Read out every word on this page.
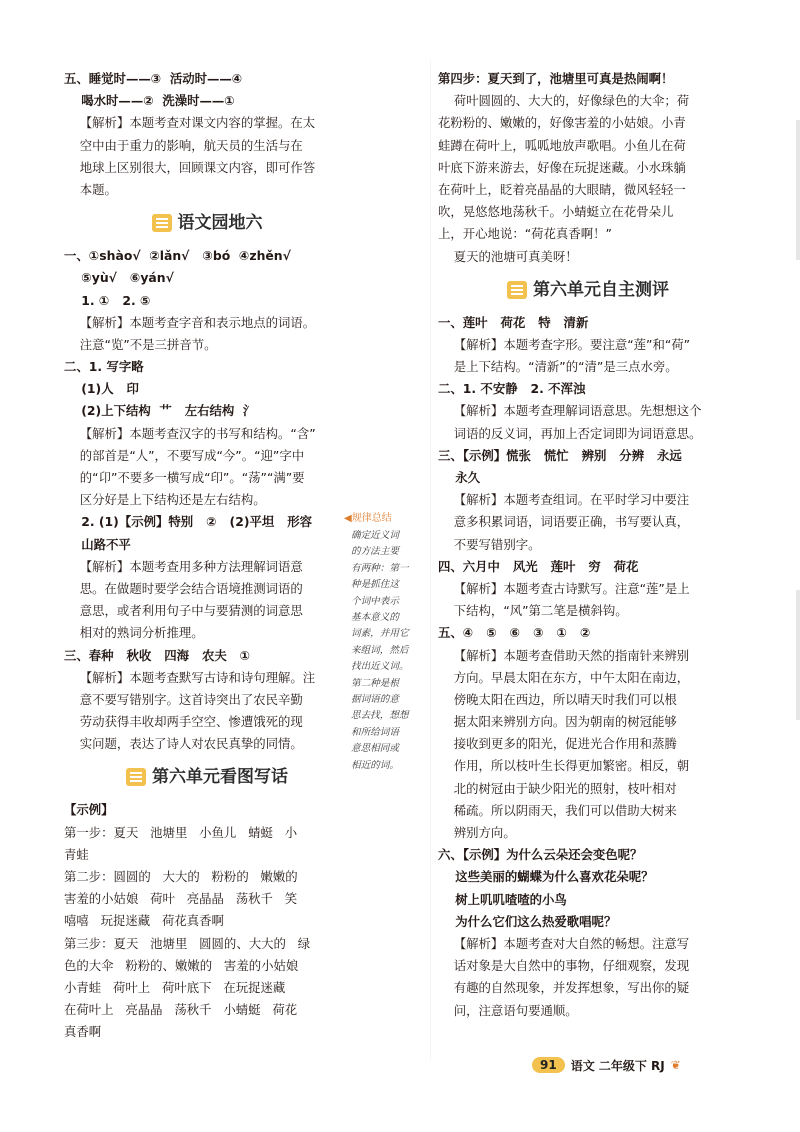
五、睡觉时——③  活动时——④
喝水时——②  洗澡时——①
【解析】本题考查对课文内容的掌握。在太
空中由于重力的影响，航天员的生活与在
地球上区别很大，回顾课文内容，即可作答
本题。
语文园地六
一、①shào√  ②lǎn√   ③bó  ④zhěn√
⑤yù√   ⑥yán√
1. ①   2. ⑤
【解析】本题考查字音和表示地点的词语。
注意“览”不是三拼音节。
二、1. 写字略
(1)人   印
(2)上下结构  艹   左右结构  氵
【解析】本题考查汉字的书写和结构。“含”
的部首是“人”，不要写成“今”。“迎”字中
的“卬”不要多一横写成“印”。“荡”“满”要
区分好是上下结构还是左右结构。
2. (1)【示例】特别   ②   (2)平坦   形容
山路不平
【解析】本题考查用多种方法理解词语意
思。在做题时要学会结合语境推测词语的
意思，或者利用句子中与要猜测的词意思
相对的熟词分析推理。
三、春种   秋收   四海   农夫   ①
【解析】本题考查默写古诗和诗句理解。注
意不要写错别字。这首诗突出了农民辛勤
劳动获得丰收却两手空空、惨遭饿死的现
实问题，表达了诗人对农民真挚的同情。
第六单元看图写话
【示例】
第一步：夏天   池塘里   小鱼儿   蜻蜓   小
青蛙
第二步：圆圆的   大大的   粉粉的   嫩嫩的
害羞的小姑娘   荷叶   亮晶晶   荡秋千   笑
嘻嘻   玩捉迷藏   荷花真香啊
第三步：夏天   池塘里   圆圆的、大大的   绿
色的大伞   粉粉的、嫩嫩的   害羞的小姑娘
小青蛙   荷叶上   荷叶底下   在玩捉迷藏
在荷叶上   亮晶晶   荡秋千   小蜻蜓   荷花
真香啊
◀规律总结
确定近义词
的方法主要
有两种：第一
种是抓住这
个词中表示
基本意义的
词素，并用它
来组词，然后
找出近义词。
第二种是根
据词语的意
思去找，想想
和所给词语
意思相同或
相近的词。
第四步：夏天到了，池塘里可真是热闹啊！
荷叶圆圆的、大大的，好像绿色的大伞；荷
花粉粉的、嫩嫩的，好像害羞的小姑娘。小青
蛙蹲在荷叶上，呱呱地放声歌唱。小鱼儿在荷
叶底下游来游去，好像在玩捉迷藏。小水珠躺
在荷叶上，眨着亮晶晶的大眼睛，微风轻轻一
吹，晃悠悠地荡秋千。小蜻蜓立在花骨朵儿
上，开心地说：“荷花真香啊！”
夏天的池塘可真美呀！
第六单元自主测评
一、莲叶   荷花   特   清新
【解析】本题考查字形。要注意“莲”和“荷”
是上下结构。“清新”的“清”是三点水旁。
二、1. 不安静   2. 不浑浊
【解析】本题考查理解词语意思。先想想这个
词语的反义词，再加上否定词即为词语意思。
三、【示例】慌张   慌忙   辨别   分辨   永远
永久
【解析】本题考查组词。在平时学习中要注
意多积累词语，词语要正确，书写要认真，
不要写错别字。
四、六月中   风光   莲叶   穷   荷花
【解析】本题考查古诗默写。注意“莲”是上
下结构，“风”第二笔是横斜钩。
五、④   ⑤   ⑥   ③   ①   ②
【解析】本题考查借助天然的指南针来辨别
方向。早晨太阳在东方，中午太阳在南边，
傍晚太阳在西边，所以晴天时我们可以根
据太阳来辨别方向。因为朝南的树冠能够
接收到更多的阳光，促进光合作用和蒸腾
作用，所以枝叶生长得更加繁密。相反，朝
北的树冠由于缺少阳光的照射，枝叶相对
稀疏。所以阴雨天，我们可以借助大树来
辨别方向。
六、【示例】为什么云朵还会变色呢？
这些美丽的蝴蝶为什么喜欢花朵呢？
树上叽叽喳喳的小鸟
为什么它们这么热爱歌唱呢？
【解析】本题考查对大自然的畅想。注意写
话对象是大自然中的事物，仔细观察，发现
有趣的自然现象，并发挥想象，写出你的疑
问，注意语句要通顺。
91	语文 二年级下 RJ ❦
